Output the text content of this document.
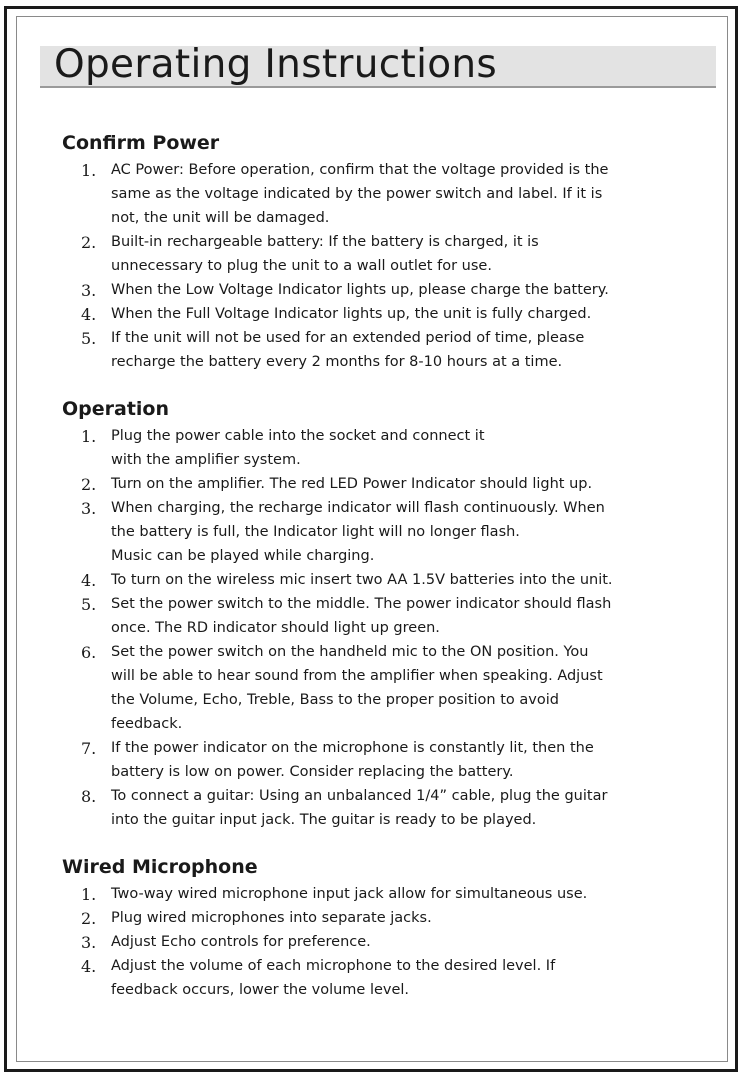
Operating Instructions
Confirm Power
1. AC Power: Before operation, confirm that the voltage provided is the
same as the voltage indicated by the power switch and label. If it is
not, the unit will be damaged.
2. Built-in rechargeable battery: If the battery is charged, it is
unnecessary to plug the unit to a wall outlet for use.
3. When the Low Voltage Indicator lights up, please charge the battery.
4. When the Full Voltage Indicator lights up, the unit is fully charged.
5. If the unit will not be used for an extended period of time, please
recharge the battery every 2 months for 8-10 hours at a time.
Operation
1. Plug the power cable into the socket and connect it
with the amplifier system.
2. Turn on the amplifier. The red LED Power Indicator should light up.
3. When charging, the recharge indicator will flash continuously. When
the battery is full, the Indicator light will no longer flash.
Music can be played while charging.
4. To turn on the wireless mic insert two AA 1.5V batteries into the unit.
5. Set the power switch to the middle. The power indicator should flash
once. The RD indicator should light up green.
6. Set the power switch on the handheld mic to the ON position. You
will be able to hear sound from the amplifier when speaking. Adjust
the Volume, Echo, Treble, Bass to the proper position to avoid
feedback.
7. If the power indicator on the microphone is constantly lit, then the
battery is low on power. Consider replacing the battery.
8. To connect a guitar: Using an unbalanced 1/4” cable, plug the guitar
into the guitar input jack. The guitar is ready to be played.
Wired Microphone
1. Two-way wired microphone input jack allow for simultaneous use.
2. Plug wired microphones into separate jacks.
3. Adjust Echo controls for preference.
4. Adjust the volume of each microphone to the desired level. If
feedback occurs, lower the volume level.
